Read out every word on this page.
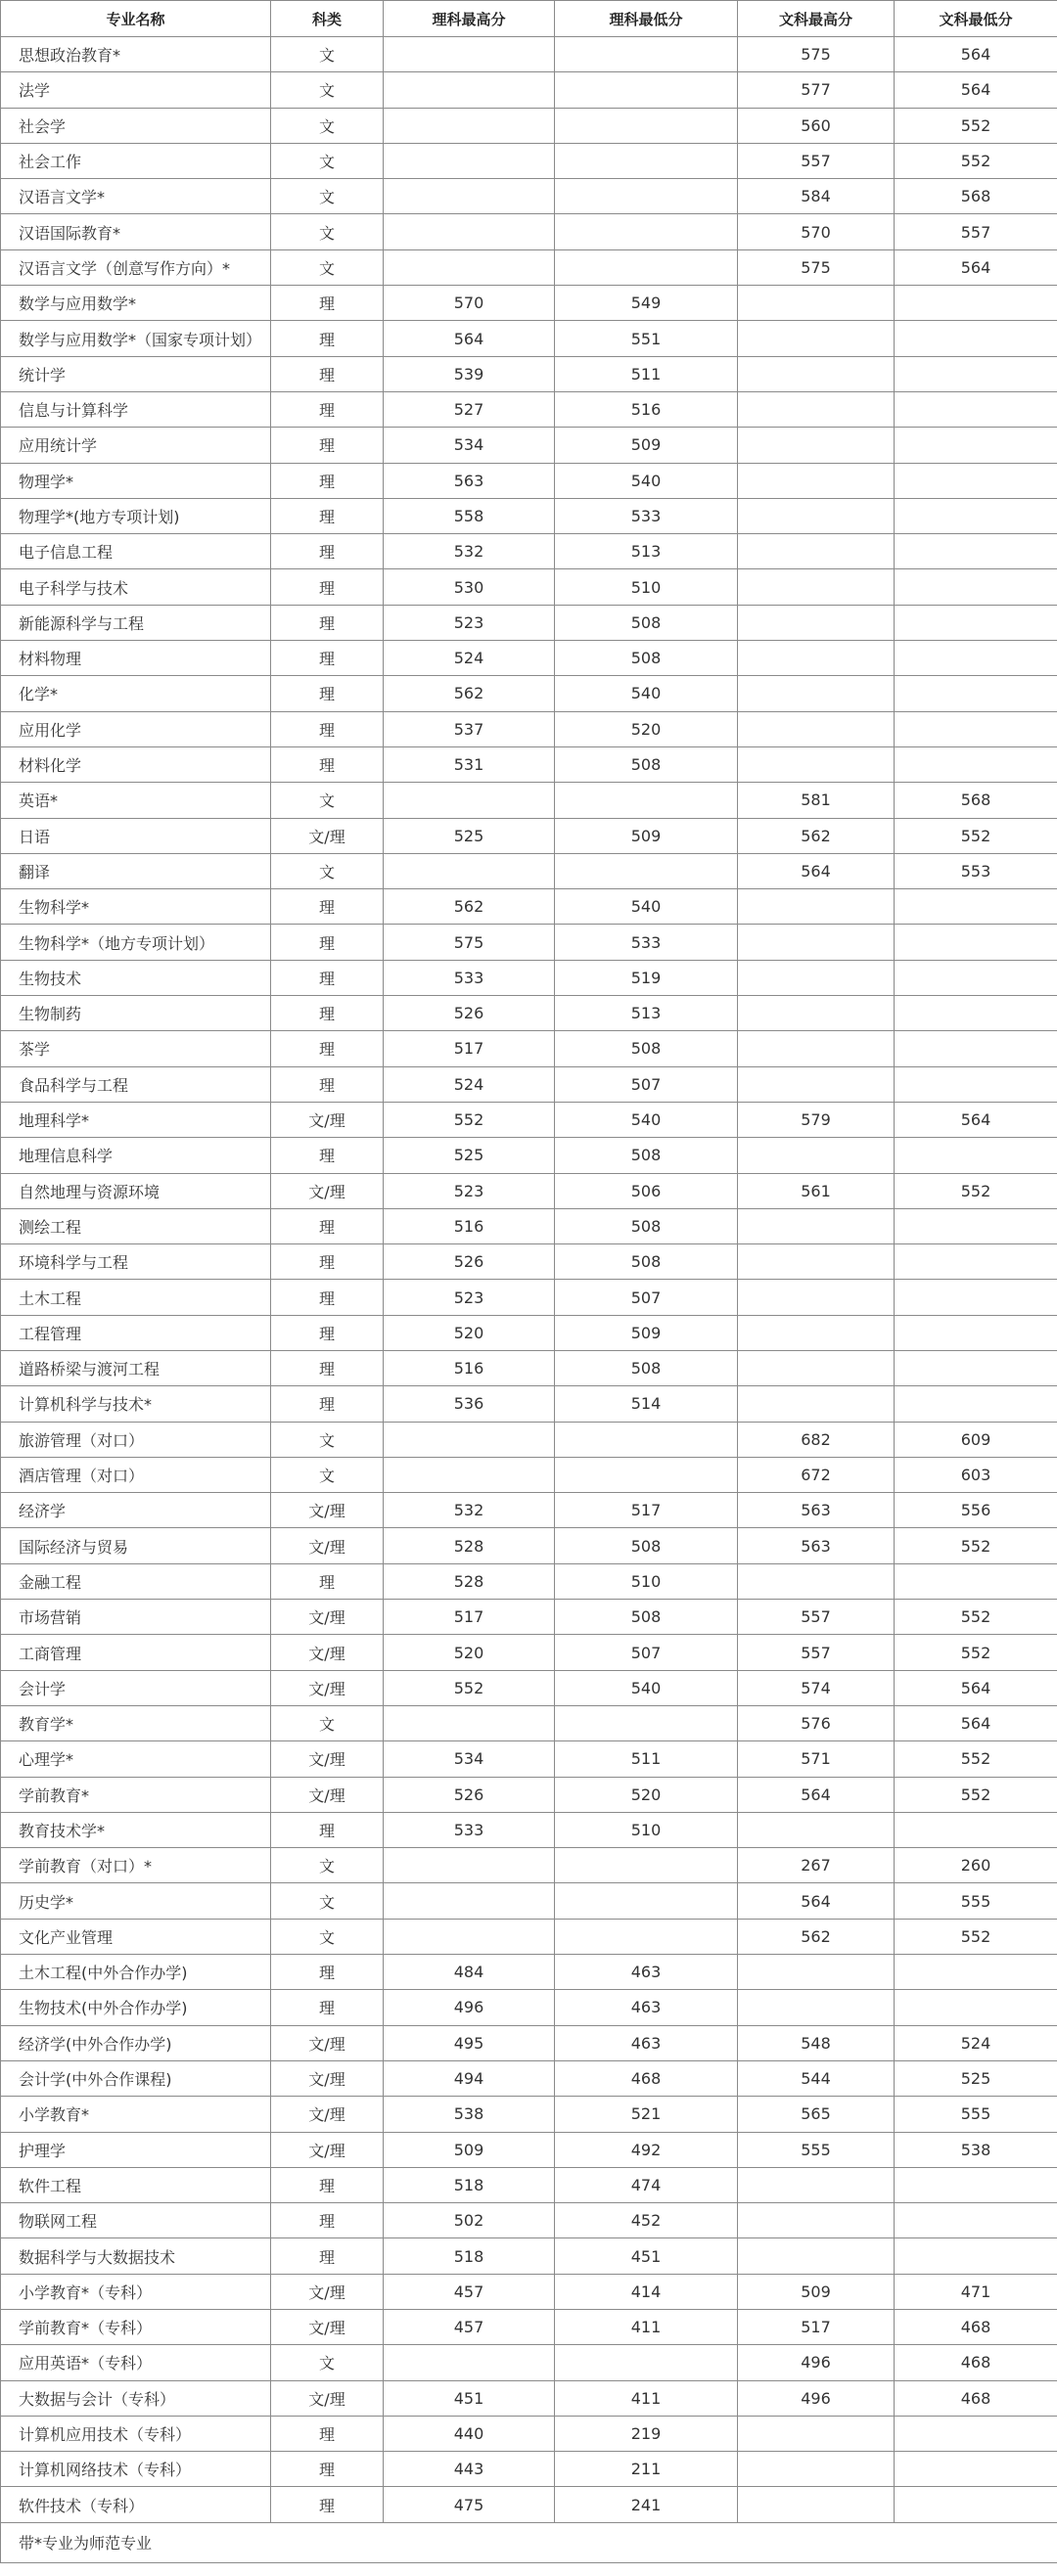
专业名称	科类	理科最高分	理科最低分	文科最高分	文科最低分
思想政治教育*	文			575	564
法学	文			577	564
社会学	文			560	552
社会工作	文			557	552
汉语言文学*	文			584	568
汉语国际教育*	文			570	557
汉语言文学（创意写作方向）*	文			575	564
数学与应用数学*	理	570	549		
数学与应用数学*（国家专项计划）	理	564	551		
统计学	理	539	511		
信息与计算科学	理	527	516		
应用统计学	理	534	509		
物理学*	理	563	540		
物理学*(地方专项计划)	理	558	533		
电子信息工程	理	532	513		
电子科学与技术	理	530	510		
新能源科学与工程	理	523	508		
材料物理	理	524	508		
化学*	理	562	540		
应用化学	理	537	520		
材料化学	理	531	508		
英语*	文			581	568
日语	文/理	525	509	562	552
翻译	文			564	553
生物科学*	理	562	540		
生物科学*（地方专项计划）	理	575	533		
生物技术	理	533	519		
生物制药	理	526	513		
茶学	理	517	508		
食品科学与工程	理	524	507		
地理科学*	文/理	552	540	579	564
地理信息科学	理	525	508		
自然地理与资源环境	文/理	523	506	561	552
测绘工程	理	516	508		
环境科学与工程	理	526	508		
土木工程	理	523	507		
工程管理	理	520	509		
道路桥梁与渡河工程	理	516	508		
计算机科学与技术*	理	536	514		
旅游管理（对口）	文			682	609
酒店管理（对口）	文			672	603
经济学	文/理	532	517	563	556
国际经济与贸易	文/理	528	508	563	552
金融工程	理	528	510		
市场营销	文/理	517	508	557	552
工商管理	文/理	520	507	557	552
会计学	文/理	552	540	574	564
教育学*	文			576	564
心理学*	文/理	534	511	571	552
学前教育*	文/理	526	520	564	552
教育技术学*	理	533	510		
学前教育（对口）*	文			267	260
历史学*	文			564	555
文化产业管理	文			562	552
土木工程(中外合作办学)	理	484	463		
生物技术(中外合作办学)	理	496	463		
经济学(中外合作办学)	文/理	495	463	548	524
会计学(中外合作课程)	文/理	494	468	544	525
小学教育*	文/理	538	521	565	555
护理学	文/理	509	492	555	538
软件工程	理	518	474		
物联网工程	理	502	452		
数据科学与大数据技术	理	518	451		
小学教育*（专科）	文/理	457	414	509	471
学前教育*（专科）	文/理	457	411	517	468
应用英语*（专科）	文			496	468
大数据与会计（专科）	文/理	451	411	496	468
计算机应用技术（专科）	理	440	219		
计算机网络技术（专科）	理	443	211		
软件技术（专科）	理	475	241		
带*专业为师范专业					
